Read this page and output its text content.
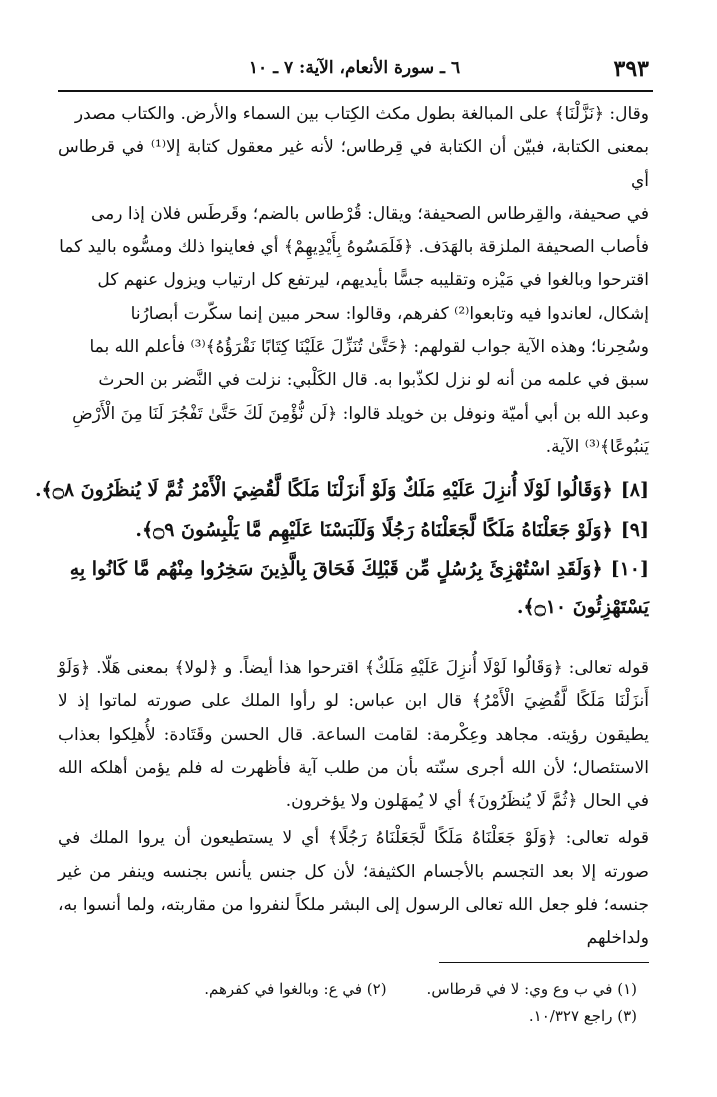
٣٩٣
٦ ـ سورة الأنعام، الآية: ٧ ـ ١٠

وقال: ﴿نَزَّلْنَا﴾ على المبالغة بطول مكث الكِتاب بين السماء والأرض. والكتاب مصدر

بمعنى الكتابة، فبيّن أن الكتابة في قِرطاس؛ لأنه غير معقول كتابة إلا⁽¹⁾ في قرطاس أي

في صحيفة، والقِرطاس الصحيفة؛ ويقال: قُرْطاس بالضم؛ وقَرطَس فلان إذا رمى

فأصاب الصحيفة الملزقة بالهَدَف. ﴿فَلَمَسُوهُ بِأَيْدِيهِمْ﴾ أي فعاينوا ذلك ومسُّوه باليد كما

اقترحوا وبالغوا في مَيْزه وتقليبه جسًّا بأيديهم، ليرتفع كل ارتياب ويزول عنهم كل

إشكال، لعاندوا فيه وتابعوا⁽²⁾ كفرهم، وقالوا: سحر مبين إنما سكّرت أبصارُنا

وسُحِرنا؛ وهذه الآية جواب لقولهم: ﴿حَتَّىٰ تُنَزِّلَ عَلَيْنَا كِتَابًا نَقْرَؤُهُ﴾⁽³⁾ فأعلم الله بما

سبق في علمه من أنه لو نزل لكذّبوا به. قال الكَلْبي: نزلت في النَّضر بن الحرث

وعبد الله بن أبي أميّة ونوفل بن خويلد قالوا: ﴿لَن نُّؤْمِنَ لَكَ حَتَّىٰ تَفْجُرَ لَنَا مِنَ الْأَرْضِ

يَنبُوعًا﴾⁽³⁾ الآية.

[٨]﴿وَقَالُوا لَوْلَا أُنزِلَ عَلَيْهِ مَلَكٌ وَلَوْ أَنزَلْنَا مَلَكًا لَّقُضِيَ الْأَمْرُ ثُمَّ لَا يُنظَرُونَ ۝٨﴾.

[٩]﴿وَلَوْ جَعَلْنَاهُ مَلَكًا لَّجَعَلْنَاهُ رَجُلًا وَلَلَبَسْنَا عَلَيْهِم مَّا يَلْبِسُونَ ۝٩﴾.

[١٠]﴿وَلَقَدِ اسْتُهْزِئَ بِرُسُلٍ مِّن قَبْلِكَ فَحَاقَ بِالَّذِينَ سَخِرُوا مِنْهُم مَّا كَانُوا بِهِ يَسْتَهْزِئُونَ ۝١٠﴾.

قوله تعالى: ﴿وَقَالُوا لَوْلَا أُنزِلَ عَلَيْهِ مَلَكٌ﴾ اقترحوا هذا أيضاً. و ﴿لولا﴾ بمعنى هَلّا. ﴿وَلَوْ أَنزَلْنَا مَلَكًا لَّقُضِيَ الْأَمْرُ﴾ قال ابن عباس: لو رأوا الملك على صورته لماتوا إذ لا يطيقون رؤيته. مجاهد وعِكْرمة: لقامت الساعة. قال الحسن وقَتَادة: لأُهلِكوا بعذاب الاستئصال؛ لأن الله أجرى سنّته بأن من طلب آية فأظهرت له فلم يؤمن أهلكه الله في الحال ﴿ثُمَّ لَا يُنظَرُونَ﴾ أي لا يُمهَلون ولا يؤخرون.

قوله تعالى: ﴿وَلَوْ جَعَلْنَاهُ مَلَكًا لَّجَعَلْنَاهُ رَجُلًا﴾ أي لا يستطيعون أن يروا الملك في صورته إلا بعد التجسم بالأجسام الكثيفة؛ لأن كل جنس يأنس بجنسه وينفر من غير جنسه؛ فلو جعل الله تعالى الرسول إلى البشر ملكاً لنفروا من مقاربته، ولما أنسوا به، ولداخلهم

(١) في ب وع وي: لا في قرطاس.
(٢) في ع: وبالغوا في كفرهم.
(٣) راجع ١٠/٣٢٧.
